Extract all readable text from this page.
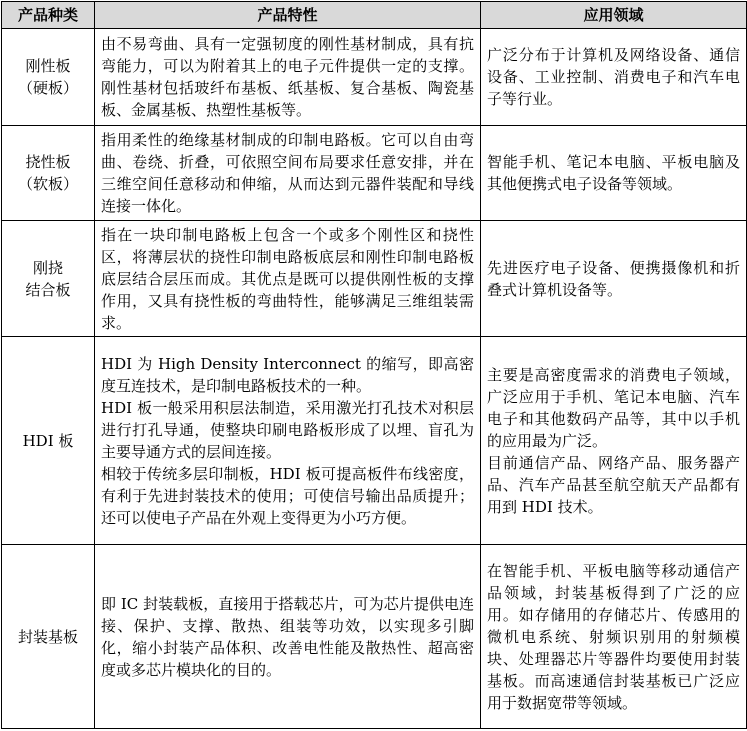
产品种类	产品特性	应用领域

刚性板
（硬板）	由不易弯曲、具有一定强韧度的刚性基材制成，具有抗弯能力，可以为附着其上的电子元件提供一定的支撑。刚性基材包括玻纤布基板、纸基板、复合基板、陶瓷基板、金属基板、热塑性基板等。	广泛分布于计算机及网络设备、通信设备、工业控制、消费电子和汽车电子等行业。

挠性板
（软板）	指用柔性的绝缘基材制成的印制电路板。它可以自由弯曲、卷绕、折叠，可依照空间布局要求任意安排，并在三维空间任意移动和伸缩，从而达到元器件装配和导线连接一体化。	智能手机、笔记本电脑、平板电脑及其他便携式电子设备等领域。

刚挠
结合板	指在一块印制电路板上包含一个或多个刚性区和挠性区，将薄层状的挠性印制电路板底层和刚性印制电路板底层结合层压而成。其优点是既可以提供刚性板的支撑作用，又具有挠性板的弯曲特性，能够满足三维组装需求。	先进医疗电子设备、便携摄像机和折叠式计算机设备等。

HDI 板	HDI 为 High Density Interconnect 的缩写，即高密度互连技术，是印制电路板技术的一种。
HDI 板一般采用积层法制造，采用激光打孔技术对积层进行打孔导通，使整块印刷电路板形成了以埋、盲孔为主要导通方式的层间连接。
相较于传统多层印制板，HDI 板可提高板件布线密度，有利于先进封装技术的使用；可使信号输出品质提升；还可以使电子产品在外观上变得更为小巧方便。	主要是高密度需求的消费电子领域，广泛应用于手机、笔记本电脑、汽车电子和其他数码产品等，其中以手机的应用最为广泛。
目前通信产品、网络产品、服务器产品、汽车产品甚至航空航天产品都有用到 HDI 技术。

封装基板	即 IC 封装载板，直接用于搭载芯片，可为芯片提供电连接、保护、支撑、散热、组装等功效，以实现多引脚化，缩小封装产品体积、改善电性能及散热性、超高密度或多芯片模块化的目的。	在智能手机、平板电脑等移动通信产品领域，封装基板得到了广泛的应用。如存储用的存储芯片、传感用的微机电系统、射频识别用的射频模块、处理器芯片等器件均要使用封装基板。而高速通信封装基板已广泛应用于数据宽带等领域。
